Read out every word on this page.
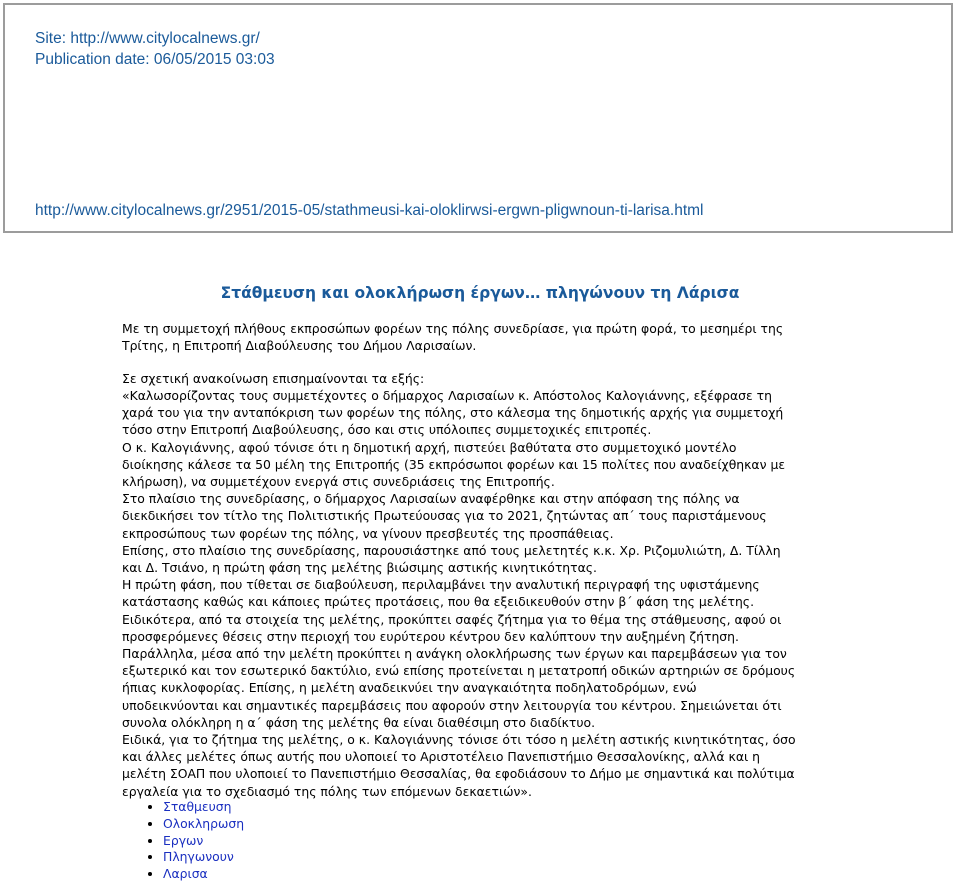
Site: http://www.citylocalnews.gr/
Publication date: 06/05/2015 03:03
http://www.citylocalnews.gr/2951/2015-05/stathmeusi-kai-oloklirwsi-ergwn-pligwnoun-ti-larisa.html
Στάθμευση και ολοκλήρωση έργων… πληγώνουν τη Λάρισα
Με τη συμμετοχή πλήθους εκπροσώπων φορέων της πόλης συνεδρίασε, για πρώτη φορά, το μεσημέρι της
Τρίτης, η Επιτροπή Διαβούλευσης του Δήμου Λαρισαίων.
Σε σχετική ανακοίνωση επισημαίνονται τα εξής:
«Καλωσορίζοντας τους συμμετέχοντες ο δήμαρχος Λαρισαίων κ. Απόστολος Καλογιάννης, εξέφρασε τη
χαρά του για την ανταπόκριση των φορέων της πόλης, στο κάλεσμα της δημοτικής αρχής για συμμετοχή
τόσο στην Επιτροπή Διαβούλευσης, όσο και στις υπόλοιπες συμμετοχικές επιτροπές.
Ο κ. Καλογιάννης, αφού τόνισε ότι η δημοτική αρχή, πιστεύει βαθύτατα στο συμμετοχικό μοντέλο
διοίκησης κάλεσε τα 50 μέλη της Επιτροπής (35 εκπρόσωποι φορέων και 15 πολίτες που αναδείχθηκαν με
κλήρωση), να συμμετέχουν ενεργά στις συνεδριάσεις της Επιτροπής.
Στο πλαίσιο της συνεδρίασης, ο δήμαρχος Λαρισαίων αναφέρθηκε και στην απόφαση της πόλης να
διεκδικήσει τον τίτλο της Πολιτιστικής Πρωτεύουσας για το 2021, ζητώντας απ΄ τους παριστάμενους
εκπροσώπους των φορέων της πόλης, να γίνουν πρεσβευτές της προσπάθειας.
Επίσης, στο πλαίσιο της συνεδρίασης, παρουσιάστηκε από τους μελετητές κ.κ. Χρ. Ριζομυλιώτη, Δ. Τίλλη
και Δ. Τσιάνο, η πρώτη φάση της μελέτης βιώσιμης αστικής κινητικότητας.
Η πρώτη φάση, που τίθεται σε διαβούλευση, περιλαμβάνει την αναλυτική περιγραφή της υφιστάμενης
κατάστασης καθώς και κάποιες πρώτες προτάσεις, που θα εξειδικευθούν στην β΄ φάση της μελέτης.
Ειδικότερα, από τα στοιχεία της μελέτης, προκύπτει σαφές ζήτημα για το θέμα της στάθμευσης, αφού οι
προσφερόμενες θέσεις στην περιοχή του ευρύτερου κέντρου δεν καλύπτουν την αυξημένη ζήτηση.
Παράλληλα, μέσα από την μελέτη προκύπτει η ανάγκη ολοκλήρωσης των έργων και παρεμβάσεων για τον
εξωτερικό και τον εσωτερικό δακτύλιο, ενώ επίσης προτείνεται η μετατροπή οδικών αρτηριών σε δρόμους
ήπιας κυκλοφορίας. Επίσης, η μελέτη αναδεικνύει την αναγκαιότητα ποδηλατοδρόμων, ενώ
υποδεικνύονται και σημαντικές παρεμβάσεις που αφορούν στην λειτουργία του κέντρου. Σημειώνεται ότι
συνολα ολόκληρη η α΄ φάση της μελέτης θα είναι διαθέσιμη στο διαδίκτυο.
Ειδικά, για το ζήτημα της μελέτης, ο κ. Καλογιάννης τόνισε ότι τόσο η μελέτη αστικής κινητικότητας, όσο
και άλλες μελέτες όπως αυτής που υλοποιεί το Αριστοτέλειο Πανεπιστήμιο Θεσσαλονίκης, αλλά και η
μελέτη ΣΟΑΠ που υλοποιεί το Πανεπιστήμιο Θεσσαλίας, θα εφοδιάσουν το Δήμο με σημαντικά και πολύτιμα
εργαλεία για το σχεδιασμό της πόλης των επόμενων δεκαετιών».
• Σταθμευση
• Ολοκληρωση
• Εργων
• Πληγωνουν
• Λαρισα
